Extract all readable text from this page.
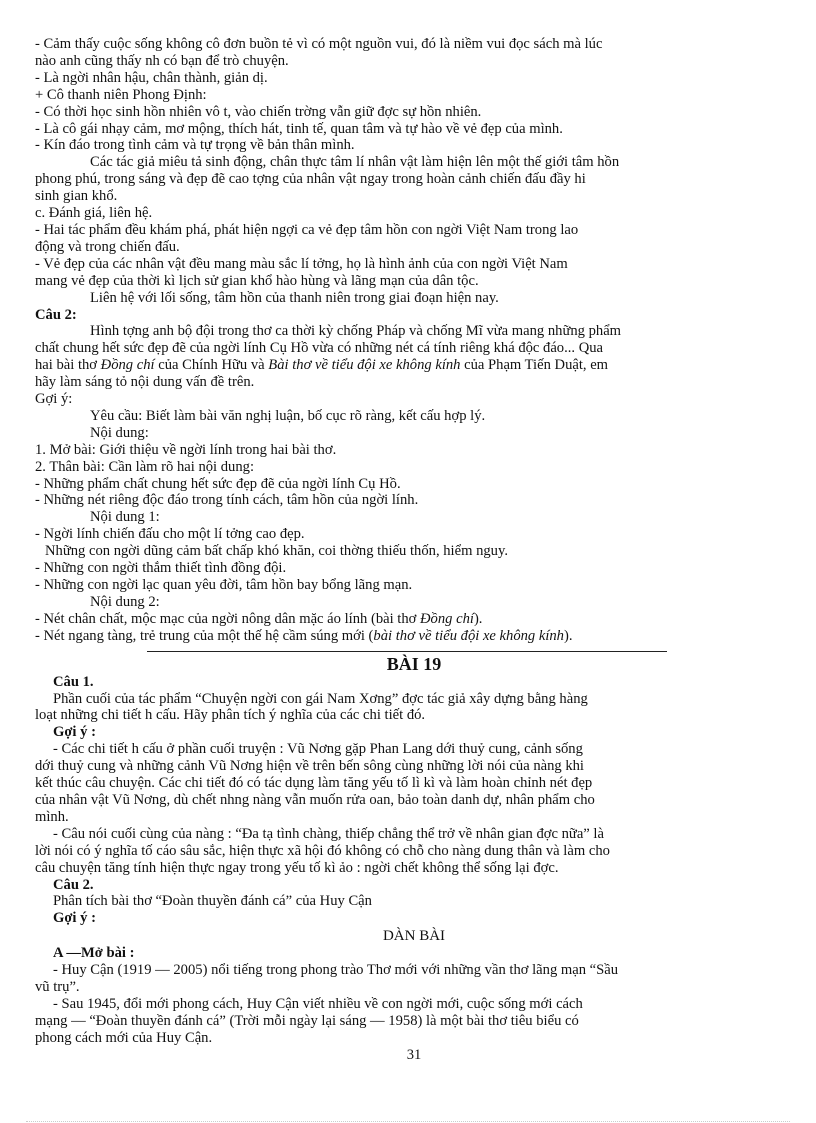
- Cảm thấy cuộc sống không cô đơn buồn tẻ vì có một nguồn vui, đó là niềm vui đọc sách mà lúc

nào anh cũng thấy nh có bạn để trò chuyện.

- Là ngời nhân hậu, chân thành, giản dị.

+ Cô thanh niên Phong Định:

- Có thời học sinh hồn nhiên vô t, vào chiến trờng vẫn giữ đợc sự hồn nhiên.

- Là cô gái nhạy cảm, mơ mộng, thích hát, tinh tế, quan tâm và tự hào về vẻ đẹp của mình.

- Kín đáo trong tình cảm và tự trọng về bản thân mình.

Các tác giả miêu tả sinh động, chân thực tâm lí nhân vật làm hiện lên một thế giới tâm hồn

phong phú, trong sáng và đẹp đẽ cao tợng của nhân vật ngay trong hoàn cảnh chiến đấu đầy hi

sinh gian khổ.

c. Đánh giá, liên hệ.

- Hai tác phẩm đều khám phá, phát hiện ngợi ca vẻ đẹp tâm hồn con ngời Việt Nam trong lao

động và trong chiến đấu.

- Vẻ đẹp của các nhân vật đều mang màu sắc lí tởng, họ là hình ảnh của con ngời Việt Nam

mang vẻ đẹp của thời kì lịch sử gian khổ hào hùng và lãng mạn của dân tộc.

Liên hệ với lối sống, tâm hồn của thanh niên trong giai đoạn hiện nay.

Câu 2:

Hình tợng anh bộ đội trong thơ ca thời kỳ chống Pháp và chống Mĩ vừa mang những phẩm

chất chung hết sức đẹp đẽ của ngời lính Cụ Hồ vừa có những nét cá tính riêng khá độc đáo... Qua

hai bài thơ Đồng chí của Chính Hữu và Bài thơ về tiểu đội xe không kính của Phạm Tiến Duật, em

hãy làm sáng tỏ nội dung vấn đề trên.

Gợi ý:

Yêu cầu: Biết làm bài văn nghị luận, bố cục rõ ràng, kết cấu hợp lý.

Nội dung:

1. Mở bài: Giới thiệu về ngời lính trong hai bài thơ.

2. Thân bài: Cần làm rõ hai nội dung:

- Những phẩm chất chung hết sức đẹp đẽ của ngời lính Cụ Hồ.

- Những nét riêng độc đáo trong tính cách, tâm hồn của ngời lính.

Nội dung 1:

- Ngời lính chiến đấu cho một lí tởng cao đẹp.

Những con ngời dũng cảm bất chấp khó khăn, coi thờng thiếu thốn, hiểm nguy.

- Những con ngời thắm thiết tình đồng đội.

- Những con ngời lạc quan yêu đời, tâm hồn bay bổng lãng mạn.

Nội dung 2:

- Nét chân chất, mộc mạc của ngời nông dân mặc áo lính (bài thơ Đồng chí).

- Nét ngang tàng, trẻ trung của một thế hệ cầm súng mới (bài thơ về tiểu đội xe không kính).

BÀI 19

Câu 1.

Phần cuối của tác phẩm “Chuyện ngời con gái Nam Xơng” đợc tác giả xây dựng bằng hàng

loạt những chi tiết h cấu. Hãy phân tích ý nghĩa của các chi tiết đó.

Gợi ý :

- Các chi tiết h cấu ở phần cuối truyện : Vũ Nơng gặp Phan Lang dới thuỷ cung, cảnh sống

dới thuỷ cung và những cảnh Vũ Nơng hiện về trên bến sông cùng những lời nói của nàng khi

kết thúc câu chuyện. Các chi tiết đó có tác dụng làm tăng yếu tố lì kì và làm hoàn chỉnh nét đẹp

của nhân vật Vũ Nơng, dù chết nhng nàng vẫn muốn rửa oan, bảo toàn danh dự, nhân phẩm cho

mình.

- Câu nói cuối cùng của nàng : “Đa tạ tình chàng, thiếp chẳng thể trở về nhân gian đợc nữa” là

lời nói có ý nghĩa tố cáo sâu sắc, hiện thực xã hội đó không có chỗ cho nàng dung thân và làm cho

câu chuyện tăng tính hiện thực ngay trong yếu tố kì ảo : ngời chết không thể sống lại đợc.

Câu 2.

Phân tích bài thơ “Đoàn thuyền đánh cá” của Huy Cận

Gợi ý :

DÀN BÀI

A —Mở bài :

- Huy Cận (1919 — 2005) nổi tiếng trong phong trào Thơ mới với những vần thơ lãng mạn “Sầu

vũ trụ”.

- Sau 1945, đổi mới phong cách, Huy Cận viết nhiều về con ngời mới, cuộc sống mới cách

mạng — “Đoàn thuyền đánh cá” (Trời mỗi ngày lại sáng — 1958) là một bài thơ tiêu biểu có

phong cách mới của Huy Cận.

31
